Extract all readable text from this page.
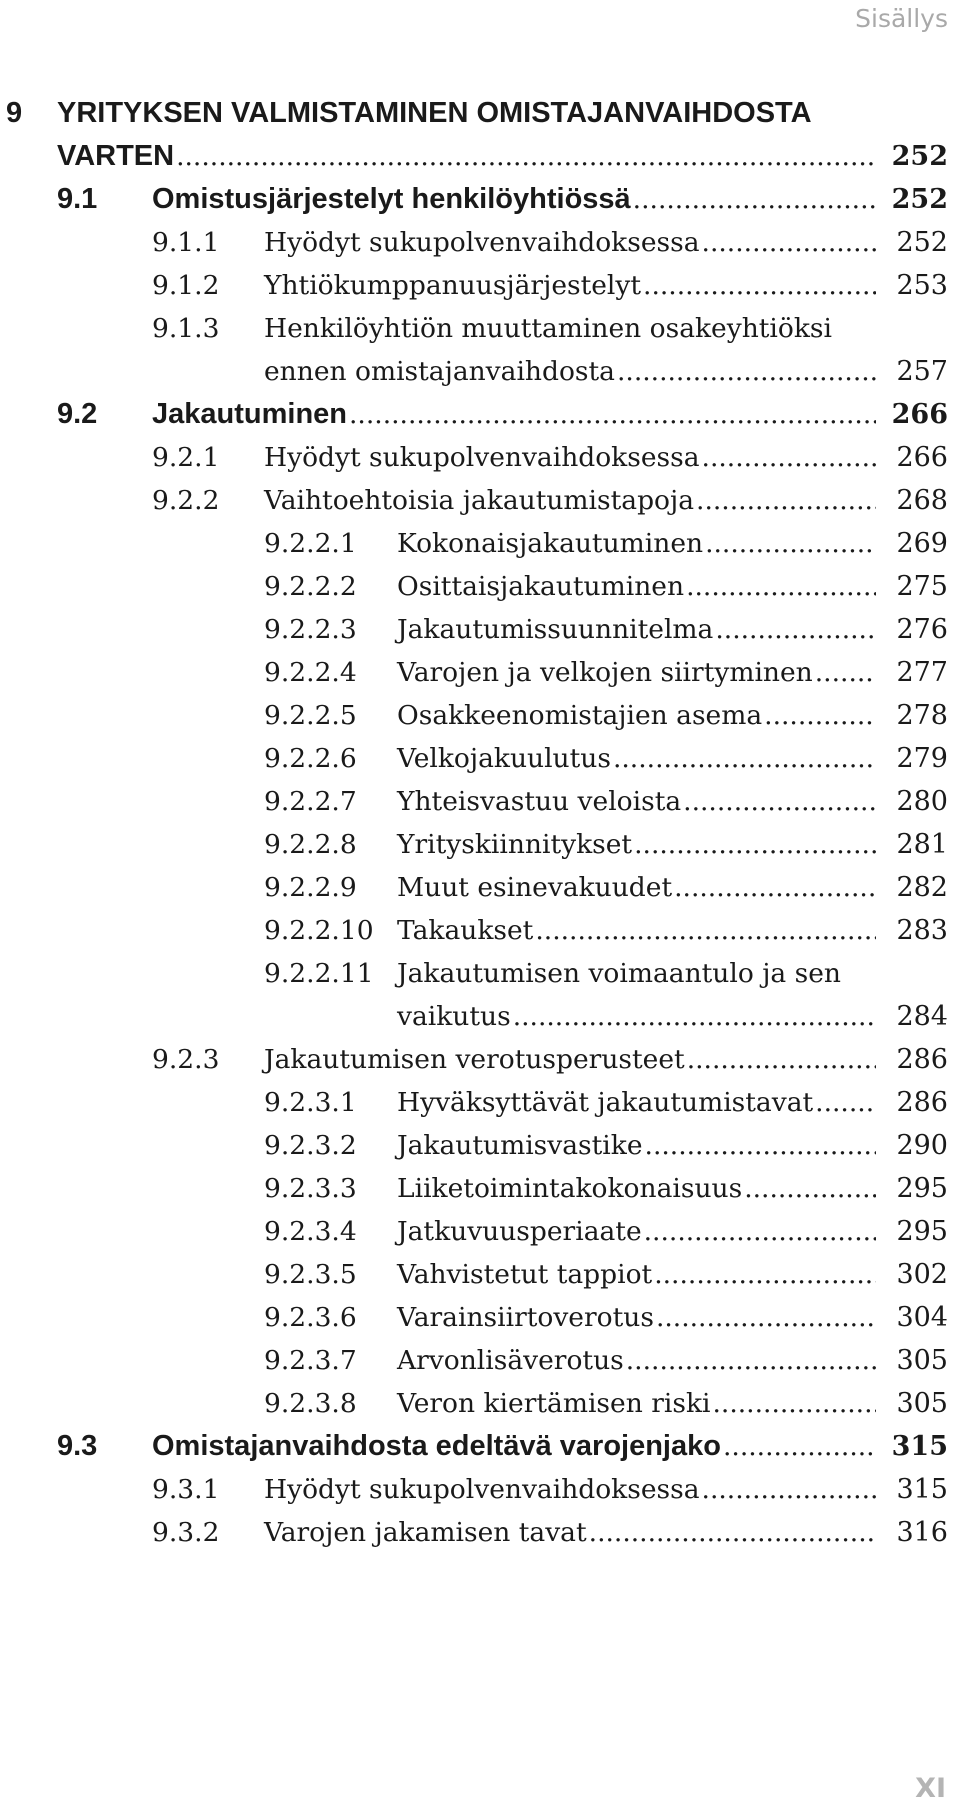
Sisällys
9 YRITYKSEN VALMISTAMINEN OMISTAJANVAIHDOSTA
VARTEN .....	252
9.1 Omistusjärjestelyt henkilöyhtiössä .....	252
9.1.1 Hyödyt sukupolvenvaihdoksessa .....	252
9.1.2 Yhtiökumppanuusjärjestelyt .....	253
9.1.3 Henkilöyhtiön muuttaminen osakeyhtiöksi
ennen omistajanvaihdosta .....	257
9.2 Jakautuminen .....	266
9.2.1 Hyödyt sukupolvenvaihdoksessa .....	266
9.2.2 Vaihtoehtoisia jakautumistapoja .....	268
9.2.2.1 Kokonaisjakautuminen .....	269
9.2.2.2 Osittaisjakautuminen .....	275
9.2.2.3 Jakautumissuunnitelma .....	276
9.2.2.4 Varojen ja velkojen siirtyminen .....	277
9.2.2.5 Osakkeenomistajien asema .....	278
9.2.2.6 Velkojakuulutus .....	279
9.2.2.7 Yhteisvastuu veloista .....	280
9.2.2.8 Yrityskiinnitykset .....	281
9.2.2.9 Muut esinevakuudet .....	282
9.2.2.10 Takaukset .....	283
9.2.2.11 Jakautumisen voimaantulo ja sen
vaikutus .....	284
9.2.3 Jakautumisen verotusperusteet .....	286
9.2.3.1 Hyväksyttävät jakautumistavat .....	286
9.2.3.2 Jakautumisvastike .....	290
9.2.3.3 Liiketoimintakokonaisuus .....	295
9.2.3.4 Jatkuvuusperiaate .....	295
9.2.3.5 Vahvistetut tappiot .....	302
9.2.3.6 Varainsiirtoverotus .....	304
9.2.3.7 Arvonlisäverotus .....	305
9.2.3.8 Veron kiertämisen riski .....	305
9.3 Omistajanvaihdosta edeltävä varojenjako .....	315
9.3.1 Hyödyt sukupolvenvaihdoksessa .....	315
9.3.2 Varojen jakamisen tavat .....	316
XI
